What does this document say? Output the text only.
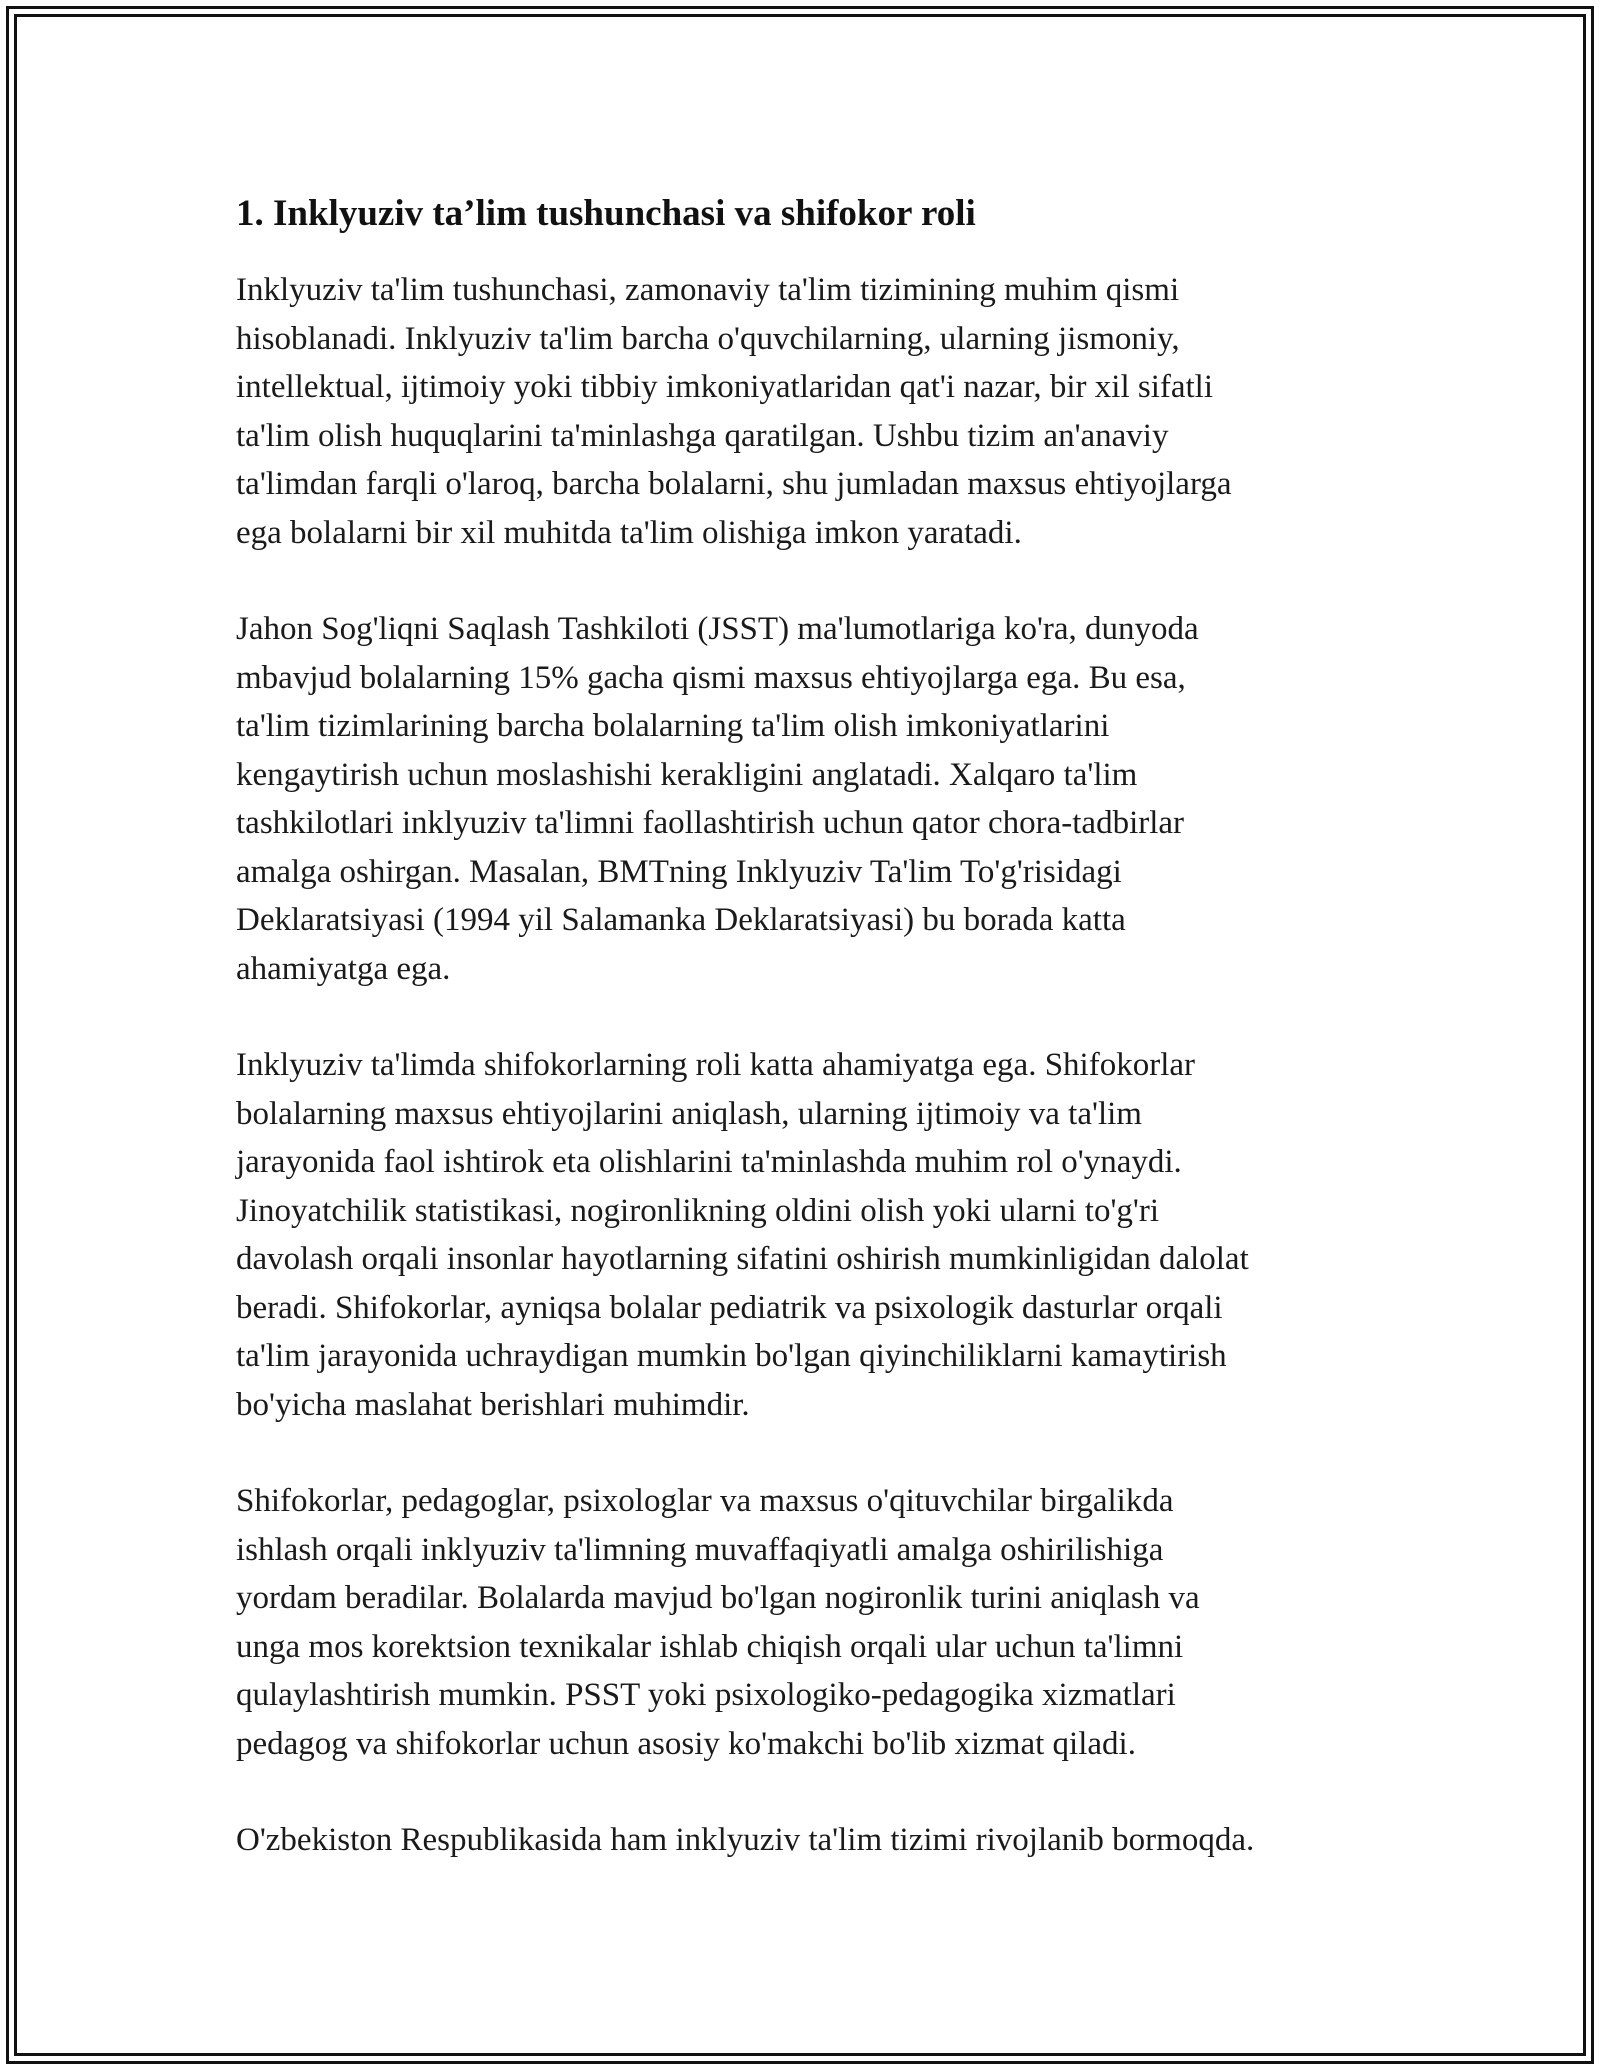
1. Inklyuziv ta’lim tushunchasi va shifokor roli

Inklyuziv ta'lim tushunchasi, zamonaviy ta'lim tizimining muhim qismi
hisoblanadi. Inklyuziv ta'lim barcha o'quvchilarning, ularning jismoniy,
intellektual, ijtimoiy yoki tibbiy imkoniyatlaridan qat'i nazar, bir xil sifatli
ta'lim olish huquqlarini ta'minlashga qaratilgan. Ushbu tizim an'anaviy
ta'limdan farqli o'laroq, barcha bolalarni, shu jumladan maxsus ehtiyojlarga
ega bolalarni bir xil muhitda ta'lim olishiga imkon yaratadi.

Jahon Sog'liqni Saqlash Tashkiloti (JSST) ma'lumotlariga ko'ra, dunyoda
mbavjud bolalarning 15% gacha qismi maxsus ehtiyojlarga ega. Bu esa,
ta'lim tizimlarining barcha bolalarning ta'lim olish imkoniyatlarini
kengaytirish uchun moslashishi kerakligini anglatadi. Xalqaro ta'lim
tashkilotlari inklyuziv ta'limni faollashtirish uchun qator chora-tadbirlar
amalga oshirgan. Masalan, BMTning Inklyuziv Ta'lim To'g'risidagi
Deklaratsiyasi (1994 yil Salamanka Deklaratsiyasi) bu borada katta
ahamiyatga ega.

Inklyuziv ta'limda shifokorlarning roli katta ahamiyatga ega. Shifokorlar
bolalarning maxsus ehtiyojlarini aniqlash, ularning ijtimoiy va ta'lim
jarayonida faol ishtirok eta olishlarini ta'minlashda muhim rol o'ynaydi.
Jinoyatchilik statistikasi, nogironlikning oldini olish yoki ularni to'g'ri
davolash orqali insonlar hayotlarning sifatini oshirish mumkinligidan dalolat
beradi. Shifokorlar, ayniqsa bolalar pediatrik va psixologik dasturlar orqali
ta'lim jarayonida uchraydigan mumkin bo'lgan qiyinchiliklarni kamaytirish
bo'yicha maslahat berishlari muhimdir.

Shifokorlar, pedagoglar, psixologlar va maxsus o'qituvchilar birgalikda
ishlash orqali inklyuziv ta'limning muvaffaqiyatli amalga oshirilishiga
yordam beradilar. Bolalarda mavjud bo'lgan nogironlik turini aniqlash va
unga mos korektsion texnikalar ishlab chiqish orqali ular uchun ta'limni
qulaylashtirish mumkin. PSST yoki psixologiko-pedagogika xizmatlari
pedagog va shifokorlar uchun asosiy ko'makchi bo'lib xizmat qiladi.

O'zbekiston Respublikasida ham inklyuziv ta'lim tizimi rivojlanib bormoqda.
